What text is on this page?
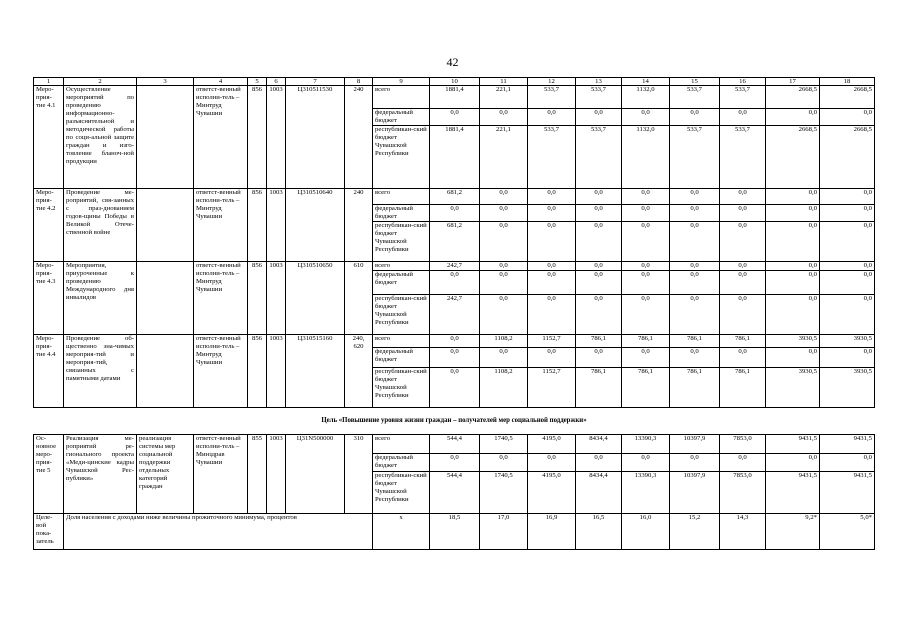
42
1	2	3	4	5	6	7	8	9	10	11	12	13	14	15	16	17	18
Меро-прия-тие 4.1	Осуществление мероприятий по проведению информационно-разъяснительной и методической работы по соци-альной защите граждан и изго-товление бланоч-ной продукции		ответст-венный исполни-тель – Минтруд Чувашии	856	1003	Ц310511530	240	всего	1881,4	221,1	533,7	533,7	1132,0	533,7	533,7	2668,5	2668,5
								федеральный бюджет	0,0	0,0	0,0	0,0	0,0	0,0	0,0	0,0	0,0
								республикан-ский бюджет Чувашской Республики	1881,4	221,1	533,7	533,7	1132,0	533,7	533,7	2668,5	2668,5
Меро-прия-тие 4.2	Проведение ме-роприятий, свя-занных с праз-днованием годов-щины Победы в Великой Отече-ственной войне		ответст-венный исполни-тель – Минтруд Чувашии	856	1003	Ц310510640	240	всего	681,2	0,0	0,0	0,0	0,0	0,0	0,0	0,0	0,0
								федеральный бюджет	0,0	0,0	0,0	0,0	0,0	0,0	0,0	0,0	0,0
								республикан-ский бюджет Чувашской Республики	681,2	0,0	0,0	0,0	0,0	0,0	0,0	0,0	0,0
Меро-прия-тие 4.3	Мероприятия, приуроченные к проведению Международного дня инвалидов		ответст-венный исполни-тель – Минтруд Чувашии	856	1003	Ц310510650	610	всего	242,7	0,0	0,0	0,0	0,0	0,0	0,0	0,0	0,0
								федеральный бюджет	0,0	0,0	0,0	0,0	0,0	0,0	0,0	0,0	0,0
								республикан-ский бюджет Чувашской Республики	242,7	0,0	0,0	0,0	0,0	0,0	0,0	0,0	0,0
Меро-прия-тие 4.4	Проведение об-щественно зна-чимых мероприя-тий и мероприя-тий, связанных с памятными датами		ответст-венный исполни-тель – Минтруд Чувашии	856	1003	Ц310515160	240, 620	всего	0,0	1108,2	1152,7	786,1	786,1	786,1	786,1	3930,5	3930,5
								федеральный бюджет	0,0	0,0	0,0	0,0	0,0	0,0	0,0	0,0	0,0
								республикан-ский бюджет Чувашской Республики	0,0	1108,2	1152,7	786,1	786,1	786,1	786,1	3930,5	3930,5
Цель «Повышение уровня жизни граждан – получателей мер социальной поддержки»																	
Ос-новное меро-прия-тие 5	Реализация ме-роприятий ре-гионального проекта «Меди-цинские кадры Чувашской Рес-публики»	реализация системы мер социальной поддержки отдельных категорий граждан	ответст-венный исполни-тель – Минздрав Чувашии	855	1003	Ц31N500000	310	всего	544,4	1740,5	4195,0	8434,4	13390,3	10397,9	7853,0	9431,5	9431,5
								федеральный бюджет	0,0	0,0	0,0	0,0	0,0	0,0	0,0	0,0	0,0
								республикан-ский бюджет Чувашской Республики	544,4	1740,5	4195,0	8434,4	13390,3	10397,9	7853,0	9431,5	9431,5
Целе-вой пока-затель	Доля населения с доходами ниже величины прожиточного минимума, процентов							х	18,5	17,0	16,9	16,5	16,0	15,2	14,3	9,2*	5,0*
